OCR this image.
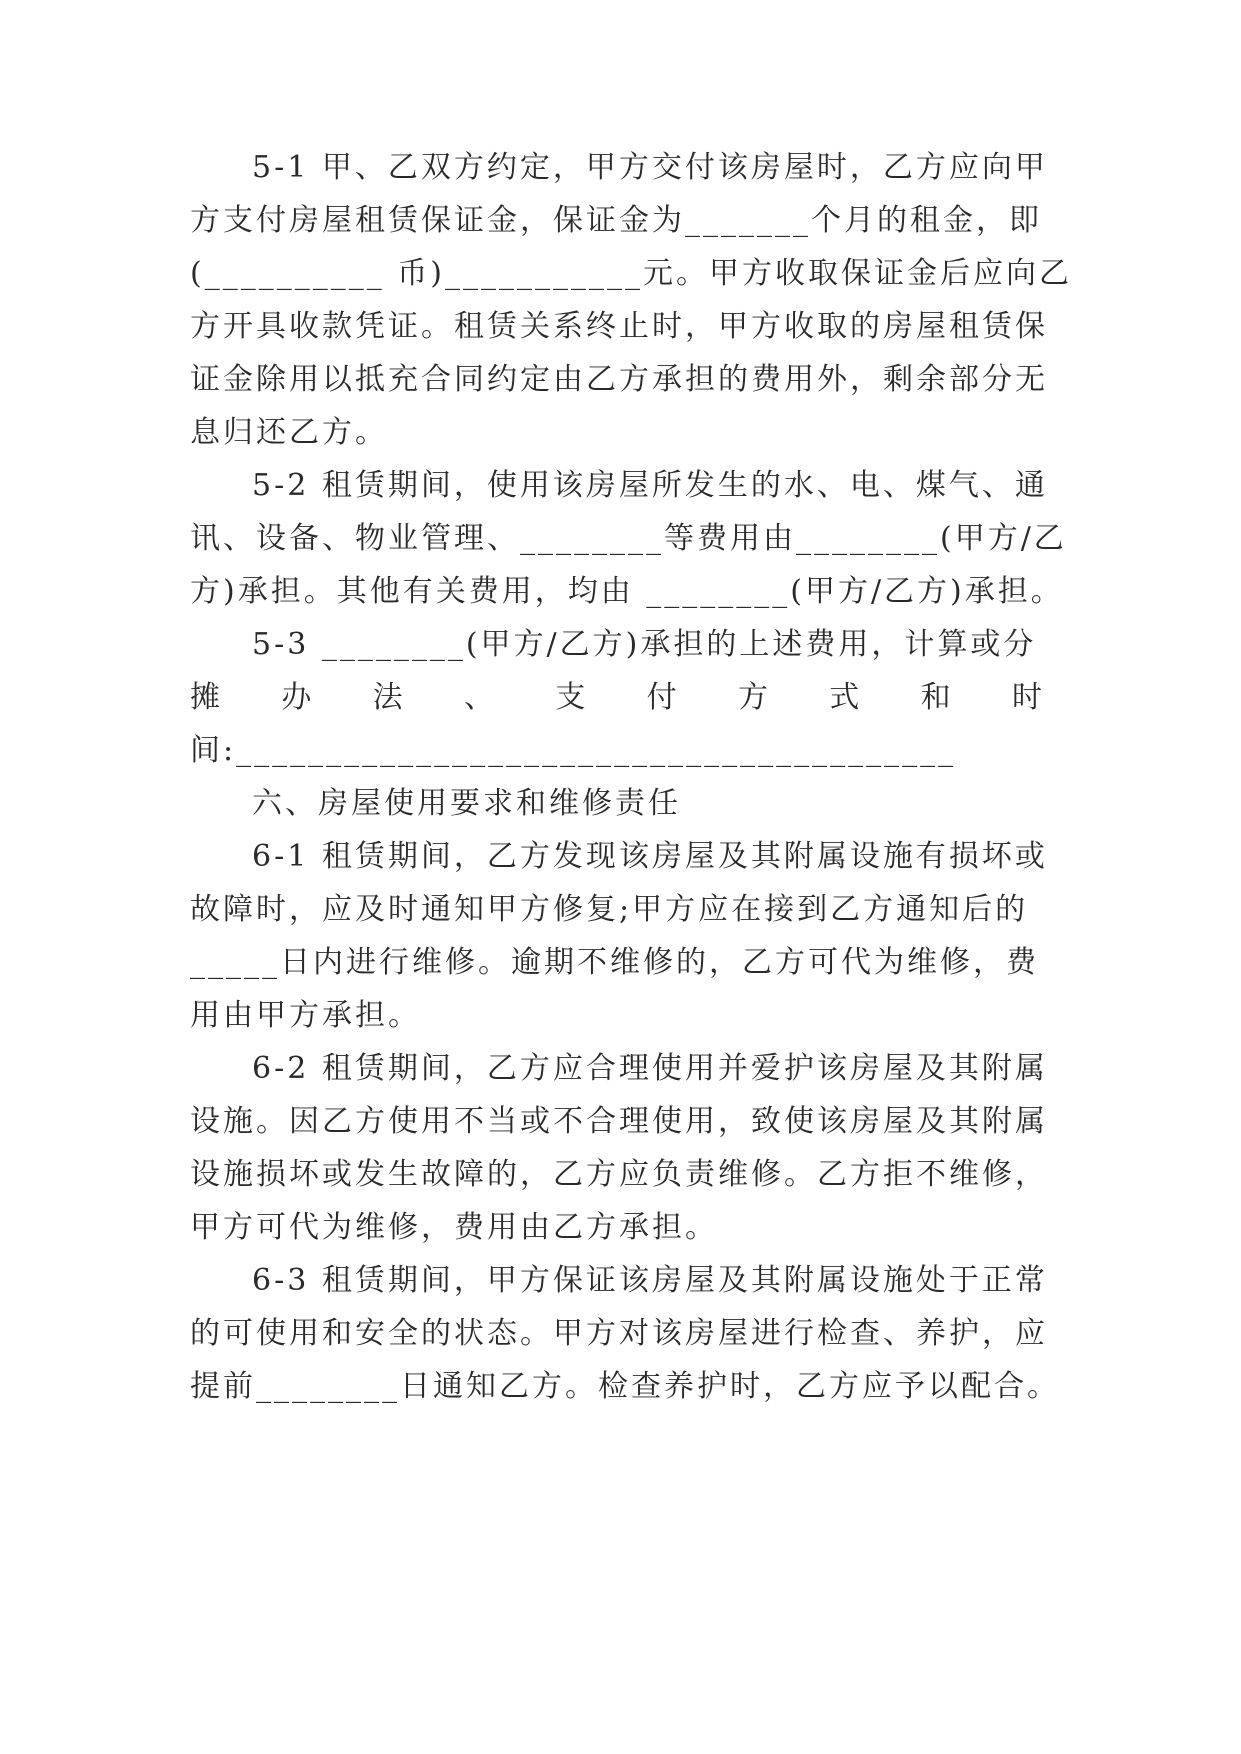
5-1 甲、乙双方约定，甲方交付该房屋时，乙方应向甲
方支付房屋租赁保证金，保证金为_______个月的租金，即
(__________ 币)___________元。甲方收取保证金后应向乙
方开具收款凭证。租赁关系终止时，甲方收取的房屋租赁保
证金除用以抵充合同约定由乙方承担的费用外，剩余部分无
息归还乙方。
5-2 租赁期间，使用该房屋所发生的水、电、煤气、通
讯、设备、物业管理、________等费用由________(甲方/乙
方)承担。其他有关费用，均由 ________(甲方/乙方)承担。
5-3 ________(甲方/乙方)承担的上述费用，计算或分
摊 办 法 、 支 付 方 式 和 时
间:________________________________________
六、房屋使用要求和维修责任
6-1 租赁期间，乙方发现该房屋及其附属设施有损坏或
故障时，应及时通知甲方修复;甲方应在接到乙方通知后的
_____日内进行维修。逾期不维修的，乙方可代为维修，费
用由甲方承担。
6-2 租赁期间，乙方应合理使用并爱护该房屋及其附属
设施。因乙方使用不当或不合理使用，致使该房屋及其附属
设施损坏或发生故障的，乙方应负责维修。乙方拒不维修，
甲方可代为维修，费用由乙方承担。
6-3 租赁期间，甲方保证该房屋及其附属设施处于正常
的可使用和安全的状态。甲方对该房屋进行检查、养护，应
提前________日通知乙方。检查养护时，乙方应予以配合。
